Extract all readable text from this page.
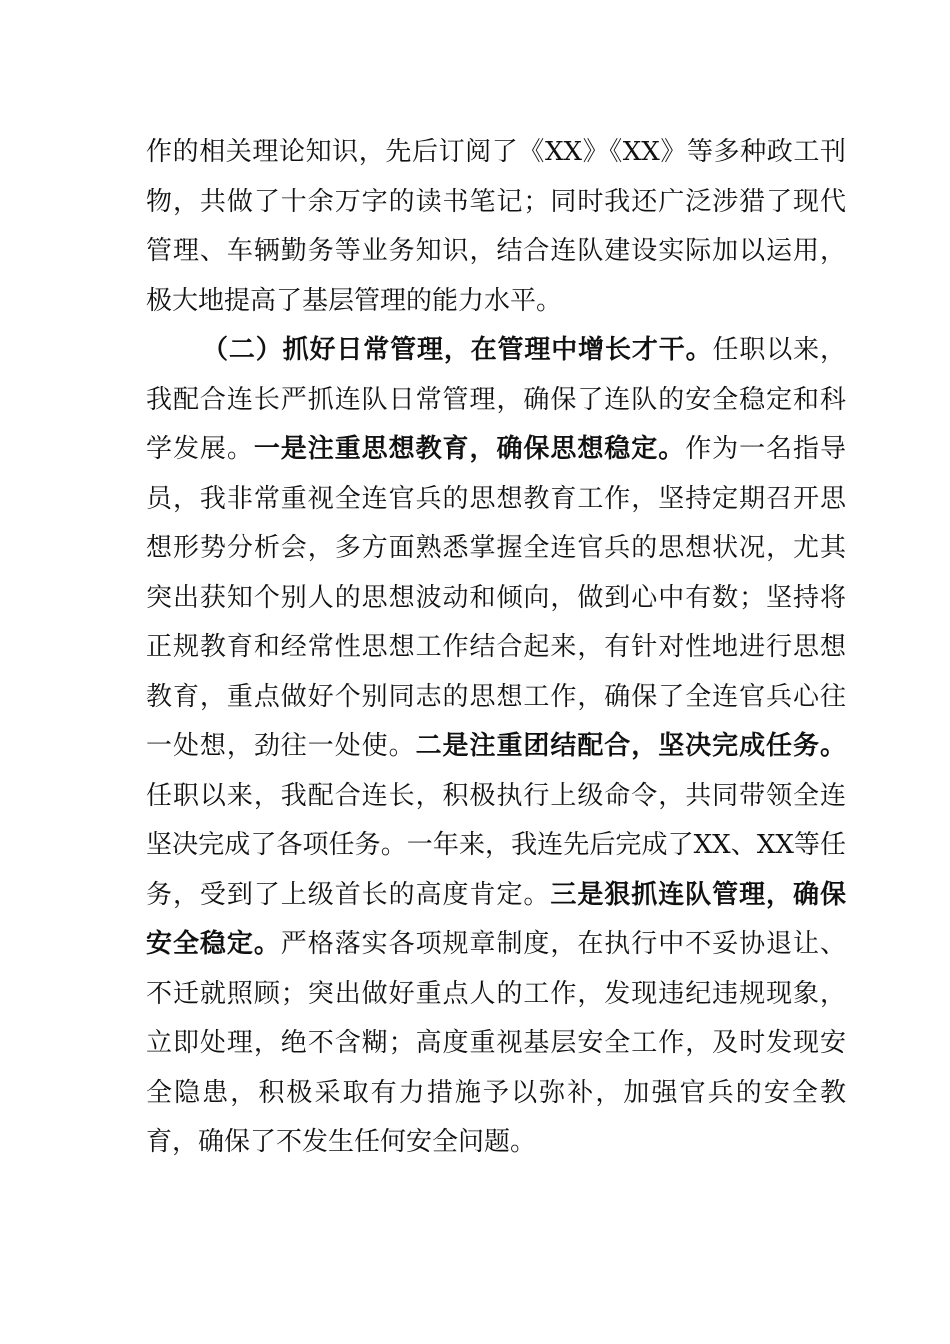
作的相关理论知识，先后订阅了《XX》《XX》等多种政工刊物，共做了十余万字的读书笔记；同时我还广泛涉猎了现代管理、车辆勤务等业务知识，结合连队建设实际加以运用，极大地提高了基层管理的能力水平。

（二）抓好日常管理，在管理中增长才干。任职以来，我配合连长严抓连队日常管理，确保了连队的安全稳定和科学发展。一是注重思想教育，确保思想稳定。作为一名指导员，我非常重视全连官兵的思想教育工作，坚持定期召开思想形势分析会，多方面熟悉掌握全连官兵的思想状况，尤其突出获知个别人的思想波动和倾向，做到心中有数；坚持将正规教育和经常性思想工作结合起来，有针对性地进行思想教育，重点做好个别同志的思想工作，确保了全连官兵心往一处想，劲往一处使。二是注重团结配合，坚决完成任务。任职以来，我配合连长，积极执行上级命令，共同带领全连坚决完成了各项任务。一年来，我连先后完成了XX、XX等任务，受到了上级首长的高度肯定。三是狠抓连队管理，确保安全稳定。严格落实各项规章制度，在执行中不妥协退让、不迁就照顾；突出做好重点人的工作，发现违纪违规现象，立即处理，绝不含糊；高度重视基层安全工作，及时发现安全隐患，积极采取有力措施予以弥补，加强官兵的安全教育，确保了不发生任何安全问题。
